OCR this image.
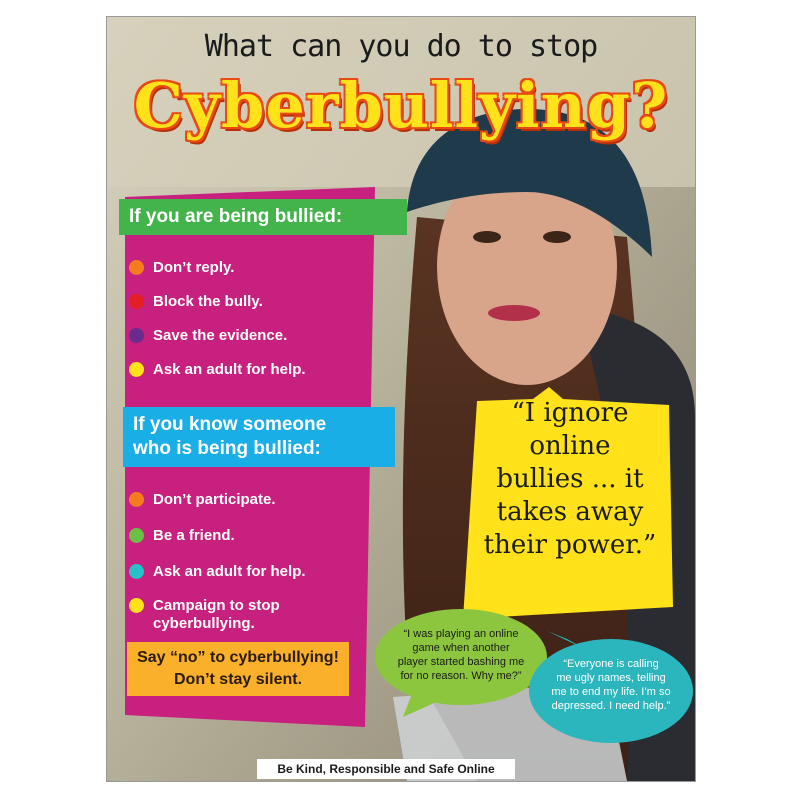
What can you do to stop
Cyberbullying?
If you are being bullied:
Don’t reply.
Block the bully.
Save the evidence.
Ask an adult for help.
If you know someone
who is being bullied:
Don’t participate.
Be a friend.
Ask an adult for help.
Campaign to stop
cyberbullying.
Say “no” to cyberbullying!
Don’t stay silent.
“I ignore
online
bullies ... it
takes away
their power.”
“I was playing an online
game when another
player started bashing me
for no reason. Why me?”
“Everyone is calling
me ugly names, telling
me to end my life. I’m so
depressed. I need help.”
Be Kind, Responsible and Safe Online
